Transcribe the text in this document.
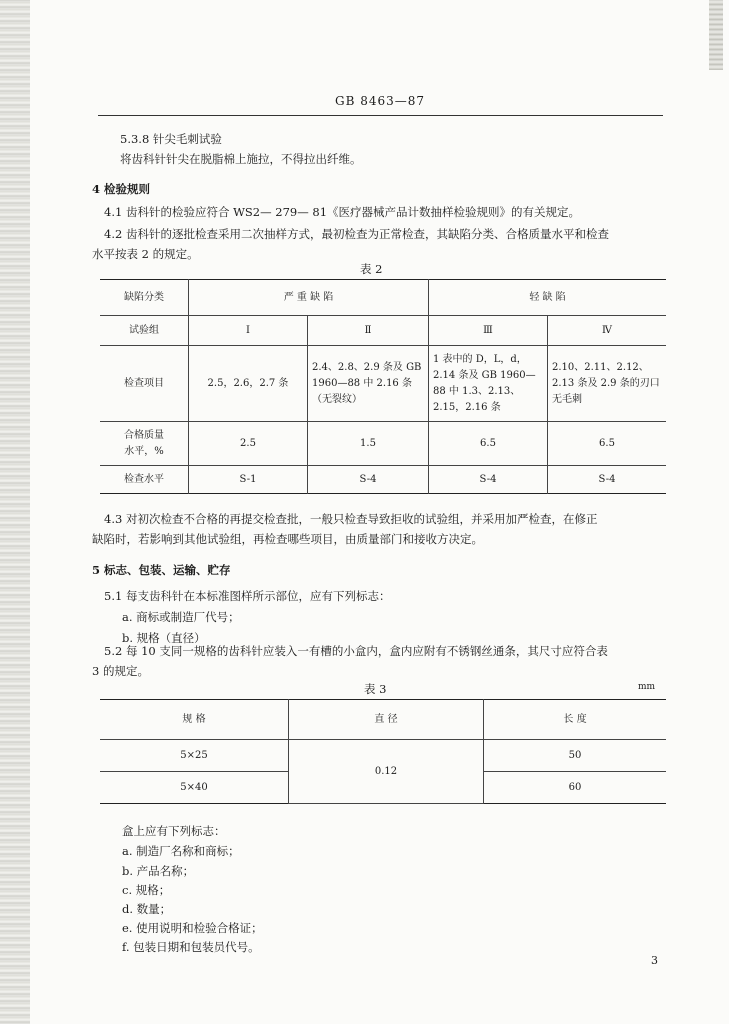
GB 8463—87
5.3.8 针尖毛刺试验
将齿科针针尖在脱脂棉上施拉，不得拉出纤维。
4 检验规则
4.1 齿科针的检验应符合 WS2— 279— 81《医疗器械产品计数抽样检验规则》的有关规定。
4.2 齿科针的逐批检查采用二次抽样方式，最初检查为正常检查，其缺陷分类、合格质量水平和检查
水平按表 2 的规定。
表 2
缺陷分类	严 重 缺 陷		轻 缺 陷	
试验组	Ⅰ	Ⅱ	Ⅲ	Ⅳ
检查项目	2.5，2.6，2.7 条	2.4、2.8、2.9 条及 GB 1960—88 中 2.16 条（无裂纹）	1 表中的 D，L，d，2.14 条及 GB 1960—88 中 1.3、2.13、2.15，2.16 条	2.10、2.11、2.12、2.13 条及 2.9 条的刃口无毛刺
合格质量
水平，%	2.5	1.5	6.5	6.5
检查水平	S-1	S-4	S-4	S-4
4.3 对初次检查不合格的再提交检查批，一般只检查导致拒收的试验组，并采用加严检查，在修正
缺陷时，若影响到其他试验组，再检查哪些项目，由质量部门和接收方决定。
5 标志、包装、运输、贮存
5.1 每支齿科针在本标准图样所示部位，应有下列标志：
a. 商标或制造厂代号；
b. 规格（直径）
5.2 每 10 支同一规格的齿科针应装入一有槽的小盒内，盒内应附有不锈钢丝通条，其尺寸应符合表
3 的规定。
表 3	mm
规 格	直 径	长 度
5×25	0.12	50
5×40		60
盒上应有下列标志：
a. 制造厂名称和商标；
b. 产品名称；
c. 规格；
d. 数量；
e. 使用说明和检验合格证；
f. 包装日期和包装员代号。
3
